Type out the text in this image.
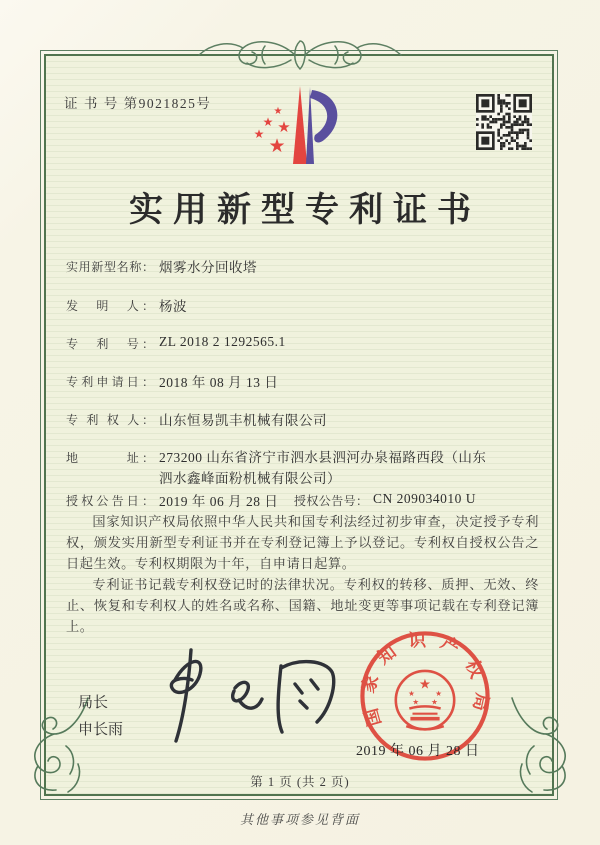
证 书 号 第9021825号
★
★ ★
★
★
实用新型专利证书
实用新型名称： 烟雾水分回收塔
发　明　人： 杨波
专　利　号： ZL 2018 2 1292565.1
专利申请日： 2018 年 08 月 13 日
专 利 权 人： 山东恒易凯丰机械有限公司
地　　　址： 273200 山东省济宁市泗水县泗河办泉福路西段（山东泗水鑫峰面粉机械有限公司）
授权公告日： 2019 年 06 月 28 日 授权公告号： CN 209034010 U

国家知识产权局依照中华人民共和国专利法经过初步审查，决定授予专利权，颁发实用新型专利证书并在专利登记簿上予以登记。专利权自授权公告之日起生效。专利权期限为十年，自申请日起算。

专利证书记载专利权登记时的法律状况。专利权的转移、质押、无效、终止、恢复和专利权人的姓名或名称、国籍、地址变更等事项记载在专利登记簿上。

局长
申长雨
国家知识产权局
★
★	★
★ ★
2019 年 06 月 28 日
第 1 页 (共 2 页)
其他事项参见背面
